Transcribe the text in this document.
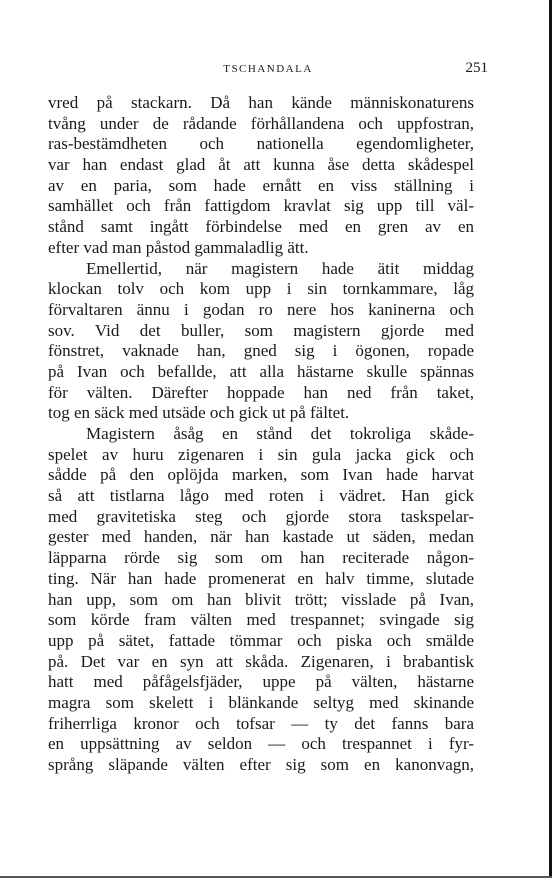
TSCHANDALA	251
vred på stackarn. Då han kände människonaturens
tvång under de rådande förhållandena och uppfostran,
ras-bestämdheten och nationella egendomligheter,
var han endast glad åt att kunna åse detta skådespel
av en paria, som hade ernått en viss ställning i
samhället och från fattigdom kravlat sig upp till väl-
stånd samt ingått förbindelse med en gren av en
efter vad man påstod gammaladlig ätt.
Emellertid, när magistern hade ätit middag
klockan tolv och kom upp i sin tornkammare, låg
förvaltaren ännu i godan ro nere hos kaninerna och
sov. Vid det buller, som magistern gjorde med
fönstret, vaknade han, gned sig i ögonen, ropade
på Ivan och befallde, att alla hästarne skulle spännas
för välten. Därefter hoppade han ned från taket,
tog en säck med utsäde och gick ut på fältet.
Magistern åsåg en stånd det tokroliga skåde-
spelet av huru zigenaren i sin gula jacka gick och
sådde på den oplöjda marken, som Ivan hade harvat
så att tistlarna lågo med roten i vädret. Han gick
med gravitetiska steg och gjorde stora taskspelar-
gester med handen, när han kastade ut säden, medan
läpparna rörde sig som om han reciterade någon-
ting. När han hade promenerat en halv timme, slutade
han upp, som om han blivit trött; visslade på Ivan,
som körde fram välten med trespannet; svingade sig
upp på sätet, fattade tömmar och piska och smälde
på. Det var en syn att skåda. Zigenaren, i brabantisk
hatt med påfågelsfjäder, uppe på välten, hästarne
magra som skelett i blänkande seltyg med skinande
friherrliga kronor och tofsar — ty det fanns bara
en uppsättning av seldon — och trespannet i fyr-
språng släpande välten efter sig som en kanonvagn,
